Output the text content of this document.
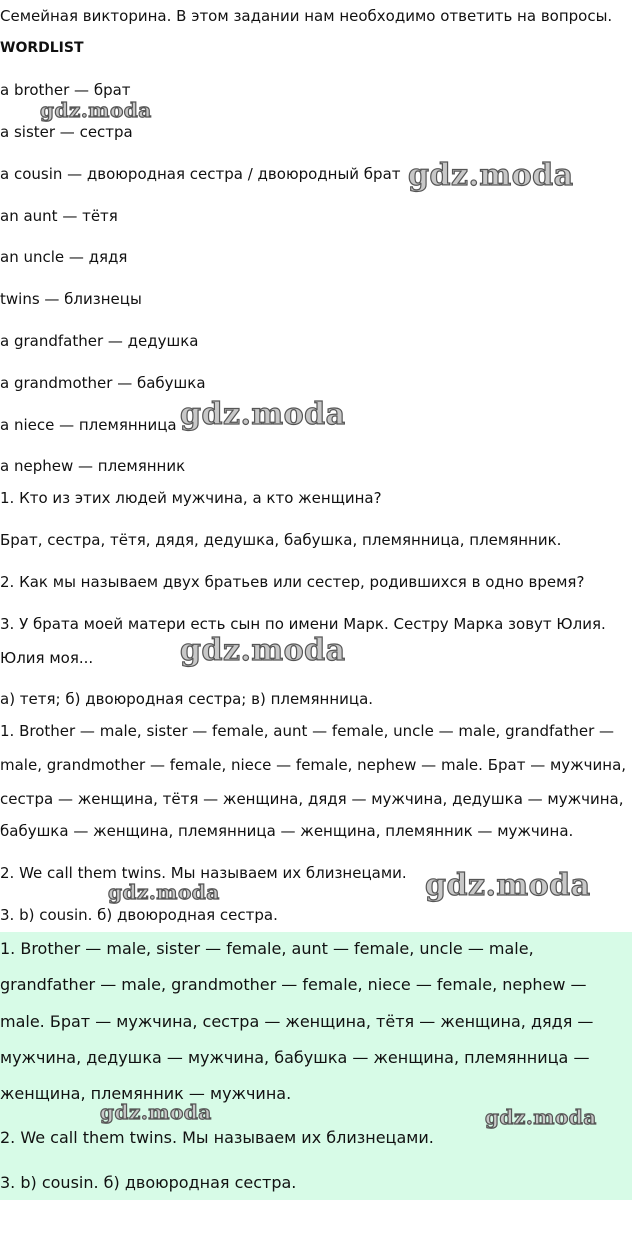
Семейная викторина. В этом задании нам необходимо ответить на вопросы.
WORDLIST
a brother — брат
a sister — сестра
a cousin — двоюродная сестра / двоюродный брат
an aunt — тётя
an uncle — дядя
twins — близнецы
a grandfather — дедушка
a grandmother — бабушка
a niece — племянница
a nephew — племянник
1. Кто из этих людей мужчина, а кто женщина?
Брат, сестра, тётя, дядя, дедушка, бабушка, племянница, племянник.
2. Как мы называем двух братьев или сестер, родившихся в одно время?
3. У брата моей матери есть сын по имени Марк. Сестру Марка зовут Юлия.
Юлия моя...
а) тетя; б) двоюродная сестра; в) племянница.
1. Brother — male, sister — female, aunt — female, uncle — male, grandfather —
male, grandmother — female, niece — female, nephew — male. Брат — мужчина,
сестра — женщина, тётя — женщина, дядя — мужчина, дедушка — мужчина,
бабушка — женщина, племянница — женщина, племянник — мужчина.
2. We call them twins. Мы называем их близнецами.
3. b) cousin. б) двоюродная сестра.
1. Brother — male, sister — female, aunt — female, uncle — male,
grandfather — male, grandmother — female, niece — female, nephew —
male. Брат — мужчина, сестра — женщина, тётя — женщина, дядя —
мужчина, дедушка — мужчина, бабушка — женщина, племянница —
женщина, племянник — мужчина.
2. We call them twins. Мы называем их близнецами.
3. b) cousin. б) двоюродная сестра.
gdz.moda
gdz.moda
gdz.moda
gdz.moda
gdz.moda
gdz.moda
gdz.moda	gdz.moda
